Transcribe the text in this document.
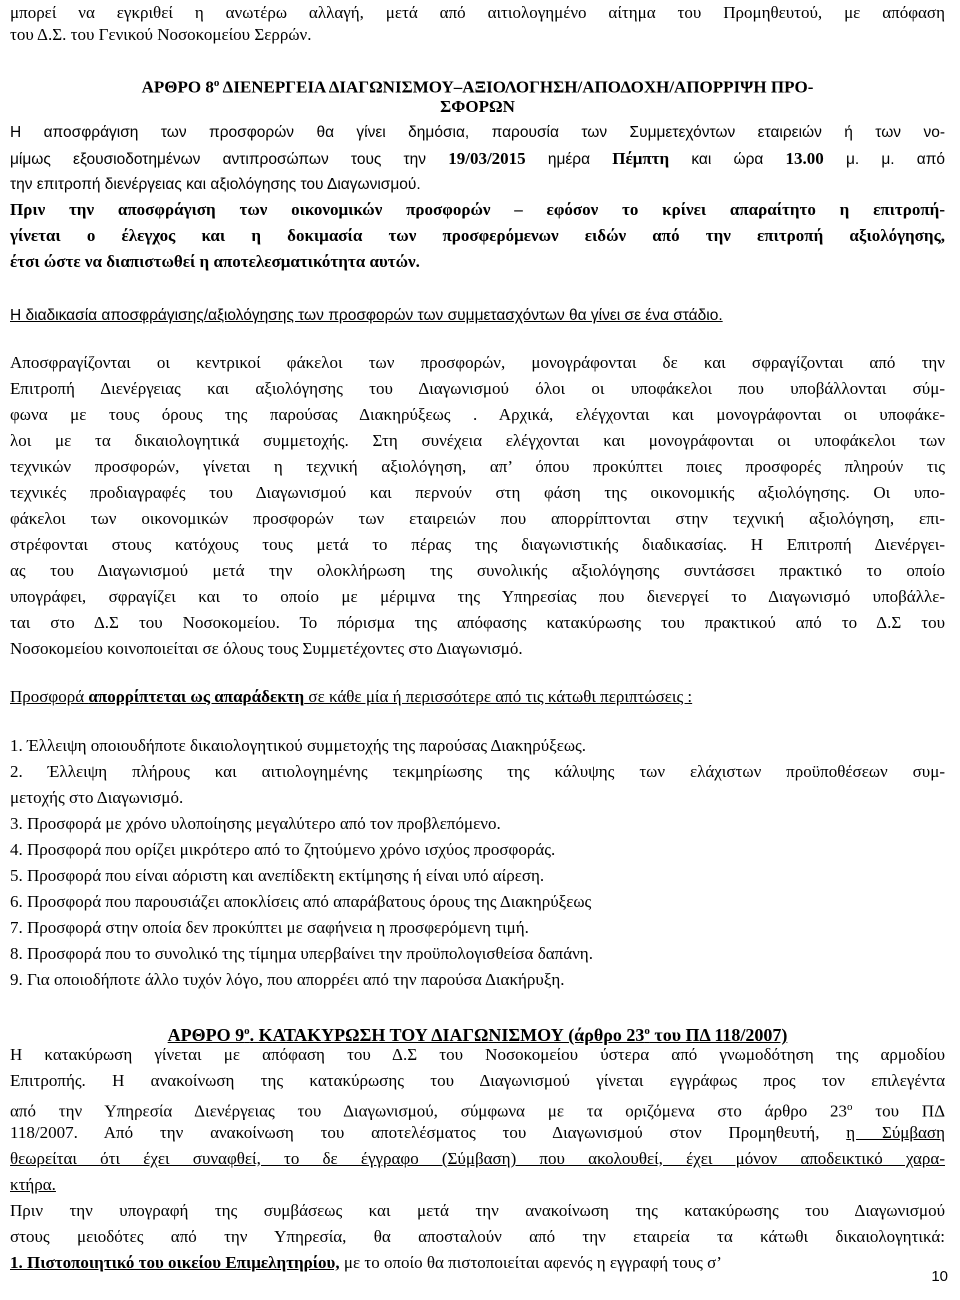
μπορεί να εγκριθεί η ανωτέρω αλλαγή, μετά από αιτιολογημένο αίτημα του Προμηθευτού, με απόφαση

του Δ.Σ. του Γενικού Νοσοκομείου Σερρών.

ΑΡΘΡΟ $8^o$ ΔΙΕΝΕΡΓΕΙΑ ΔΙΑΓΩΝΙΣΜΟΥ–ΑΞΙΟΛΟΓΗΣΗ/ΑΠΟΔΟΧΗ/ΑΠΟΡΡΙΨΗ ΠΡΟ-

ΣΦΟΡΩΝ

Η αποσφράγιση των προσφορών θα γίνει δημόσια, παρουσία των Συμμετεχόντων εταιρειών ή των νο-

μίμως εξουσιοδοτημένων αντιπροσώπων τους την 19/03/2015 ημέρα Πέμπτη και ώρα 13.00 μ. μ. από

την επιτροπή διενέργειας και αξιολόγησης του Διαγωνισμού.

Πριν την αποσφράγιση των οικονομικών προσφορών – εφόσον το κρίνει απαραίτητο η επιτροπή-

γίνεται ο έλεγχος και η δοκιμασία των προσφερόμενων ειδών από την επιτροπή αξιολόγησης,

έτσι ώστε να διαπιστωθεί η αποτελεσματικότητα αυτών.

Η διαδικασία αποσφράγισης/αξιολόγησης των προσφορών των συμμετασχόντων θα γίνει σε ένα στάδιο.

Αποσφραγίζονται οι κεντρικοί φάκελοι των προσφορών, μονογράφονται δε και σφραγίζονται από την

Επιτροπή Διενέργειας και αξιολόγησης του Διαγωνισμού όλοι οι υποφάκελοι που υποβάλλονται σύμ-

φωνα με τους όρους της παρούσας Διακηρύξεως . Αρχικά, ελέγχονται και μονογράφονται οι υποφάκε-

λοι με τα δικαιολογητικά συμμετοχής. Στη συνέχεια ελέγχονται και μονογράφονται οι υποφάκελοι των

τεχνικών προσφορών, γίνεται η τεχνική αξιολόγηση, απ’ όπου προκύπτει ποιες προσφορές πληρούν τις

τεχνικές προδιαγραφές του Διαγωνισμού και περνούν στη φάση της οικονομικής αξιολόγησης. Οι υπο-

φάκελοι των οικονομικών προσφορών των εταιρειών που απορρίπτονται στην τεχνική αξιολόγηση, επι-

στρέφονται στους κατόχους τους μετά το πέρας της διαγωνιστικής διαδικασίας. Η Επιτροπή Διενέργει-

ας του Διαγωνισμού μετά την ολοκλήρωση της συνολικής αξιολόγησης συντάσσει πρακτικό το οποίο

υπογράφει, σφραγίζει και το οποίο με μέριμνα της Υπηρεσίας που διενεργεί το Διαγωνισμό υποβάλλε-

ται στο Δ.Σ του Νοσοκομείου. Το πόρισμα της απόφασης κατακύρωσης του πρακτικού από το Δ.Σ του

Νοσοκομείου κοινοποιείται σε όλους τους Συμμετέχοντες στο Διαγωνισμό.

Προσφορά απορρίπτεται ως απαράδεκτη σε κάθε μία ή περισσότερε από τις κάτωθι περιπτώσεις :

1. Έλλειψη οποιουδήποτε δικαιολογητικού συμμετοχής της παρούσας Διακηρύξεως.

2. Έλλειψη πλήρους και αιτιολογημένης τεκμηρίωσης της κάλυψης των ελάχιστων προϋποθέσεων συμ-

μετοχής στο Διαγωνισμό.

3. Προσφορά με χρόνο υλοποίησης μεγαλύτερο από τον προβλεπόμενο.

4. Προσφορά που ορίζει μικρότερο από το ζητούμενο χρόνο ισχύος προσφοράς.

5. Προσφορά που είναι αόριστη και ανεπίδεκτη εκτίμησης ή είναι υπό αίρεση.

6. Προσφορά που παρουσιάζει αποκλίσεις από απαράβατους όρους της Διακηρύξεως

7. Προσφορά στην οποία δεν προκύπτει με σαφήνεια η προσφερόμενη τιμή.

8. Προσφορά που το συνολικό της τίμημα υπερβαίνει την προϋπολογισθείσα δαπάνη.

9. Για οποιοδήποτε άλλο τυχόν λόγο, που απορρέει από την παρούσα Διακήρυξη.

ΑΡΘΡΟ $9^o$. ΚΑΤΑΚΥΡΩΣΗ ΤΟΥ ΔΙΑΓΩΝΙΣΜΟΥ (άρθρο $23^o$ του ΠΔ 118/2007)

Η κατακύρωση γίνεται με απόφαση του Δ.Σ του Νοσοκομείου ύστερα από γνωμοδότηση της αρμοδίου

Επιτροπής. Η ανακοίνωση της κατακύρωσης του Διαγωνισμού γίνεται εγγράφως προς τον επιλεγέντα

από την Υπηρεσία Διενέργειας του Διαγωνισμού, σύμφωνα με τα οριζόμενα στο άρθρο $23^o$ του ΠΔ

118/2007. Από την ανακοίνωση του αποτελέσματος του Διαγωνισμού στον Προμηθευτή, η Σύμβαση

θεωρείται ότι έχει συναφθεί, το δε έγγραφο (Σύμβαση) που ακολουθεί, έχει μόνον αποδεικτικό χαρα-

κτήρα.

Πριν την υπογραφή της συμβάσεως και μετά την ανακοίνωση της κατακύρωσης του Διαγωνισμού

στους μειοδότες από την Υπηρεσία, θα αποσταλούν από την εταιρεία τα κάτωθι δικαιολογητικά:

1. Πιστοποιητικό του οικείου Επιμελητηρίου, με το οποίο θα πιστοποιείται αφενός η εγγραφή τους σ’

10
